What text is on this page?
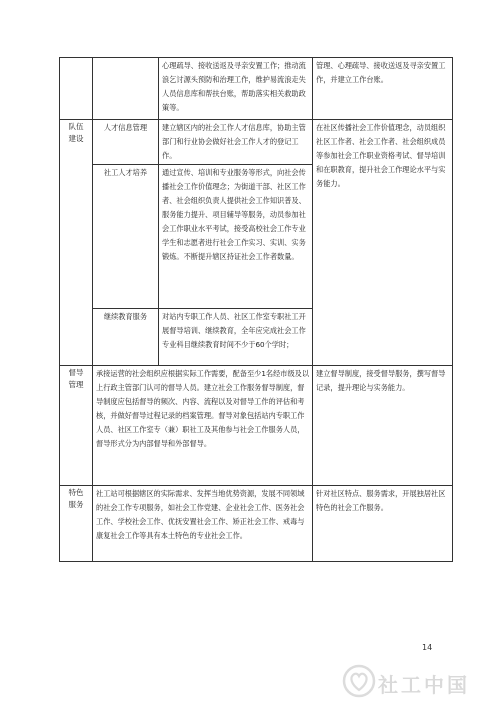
		心理疏导、接收送返及寻亲安置工作；推动流浪乞讨源头预防和治理工作，维护易流浪走失人员信息库和帮扶台账，帮助落实相关救助政策等。	管理、心理疏导、接收送返及寻亲安置工作，并建立工作台账。
队伍建设	人才信息管理	建立辖区内的社会工作人才信息库，协助主管部门和行业协会做好社会工作人才的登记工作。	在社区传播社会工作价值理念，动员组织社区工作者、社会工作者、社会组织成员等参加社会工作职业资格考试、督导培训和在职教育，提升社会工作理论水平与实务能力。
	社工人才培养	通过宣传、培训和专业服务等形式，向社会传播社会工作价值理念；为街道干部、社区工作者、社会组织负责人提供社会工作知识普及、服务能力提升、项目辅导等服务，动员参加社会工作职业水平考试，接受高校社会工作专业学生和志愿者进行社会工作实习、实训、实务锻炼。不断提升辖区持证社会工作者数量。	
	继续教育服务	对站内专职工作人员、社区工作室专职社工开展督导培训、继续教育，全年应完成社会工作专业科目继续教育时间不少于60个学时；	
督导管理	承接运营的社会组织应根据实际工作需要，配备至少1名经市级及以上行政主管部门认可的督导人员。建立社会工作服务督导制度，督导制度应包括督导的频次、内容、流程以及对督导工作的评估和考核，并做好督导过程记录的档案管理。督导对象包括站内专职工作人员、社区工作室专（兼）职社工及其他参与社会工作服务人员，督导形式分为内部督导和外部督导。		建立督导制度，接受督导服务，撰写督导记录，提升理论与实务能力。
特色服务	社工站可根据辖区的实际需求、发挥当地优势资源，发展不同领域的社会工作专项服务，如社会工作党建、企业社会工作、医务社会工作、学校社会工作、优抚安置社会工作、矫正社会工作、戒毒与康复社会工作等具有本土特色的专业社会工作。		针对社区特点、服务需求，开展独居社区特色的社会工作服务。
14
社工中国
